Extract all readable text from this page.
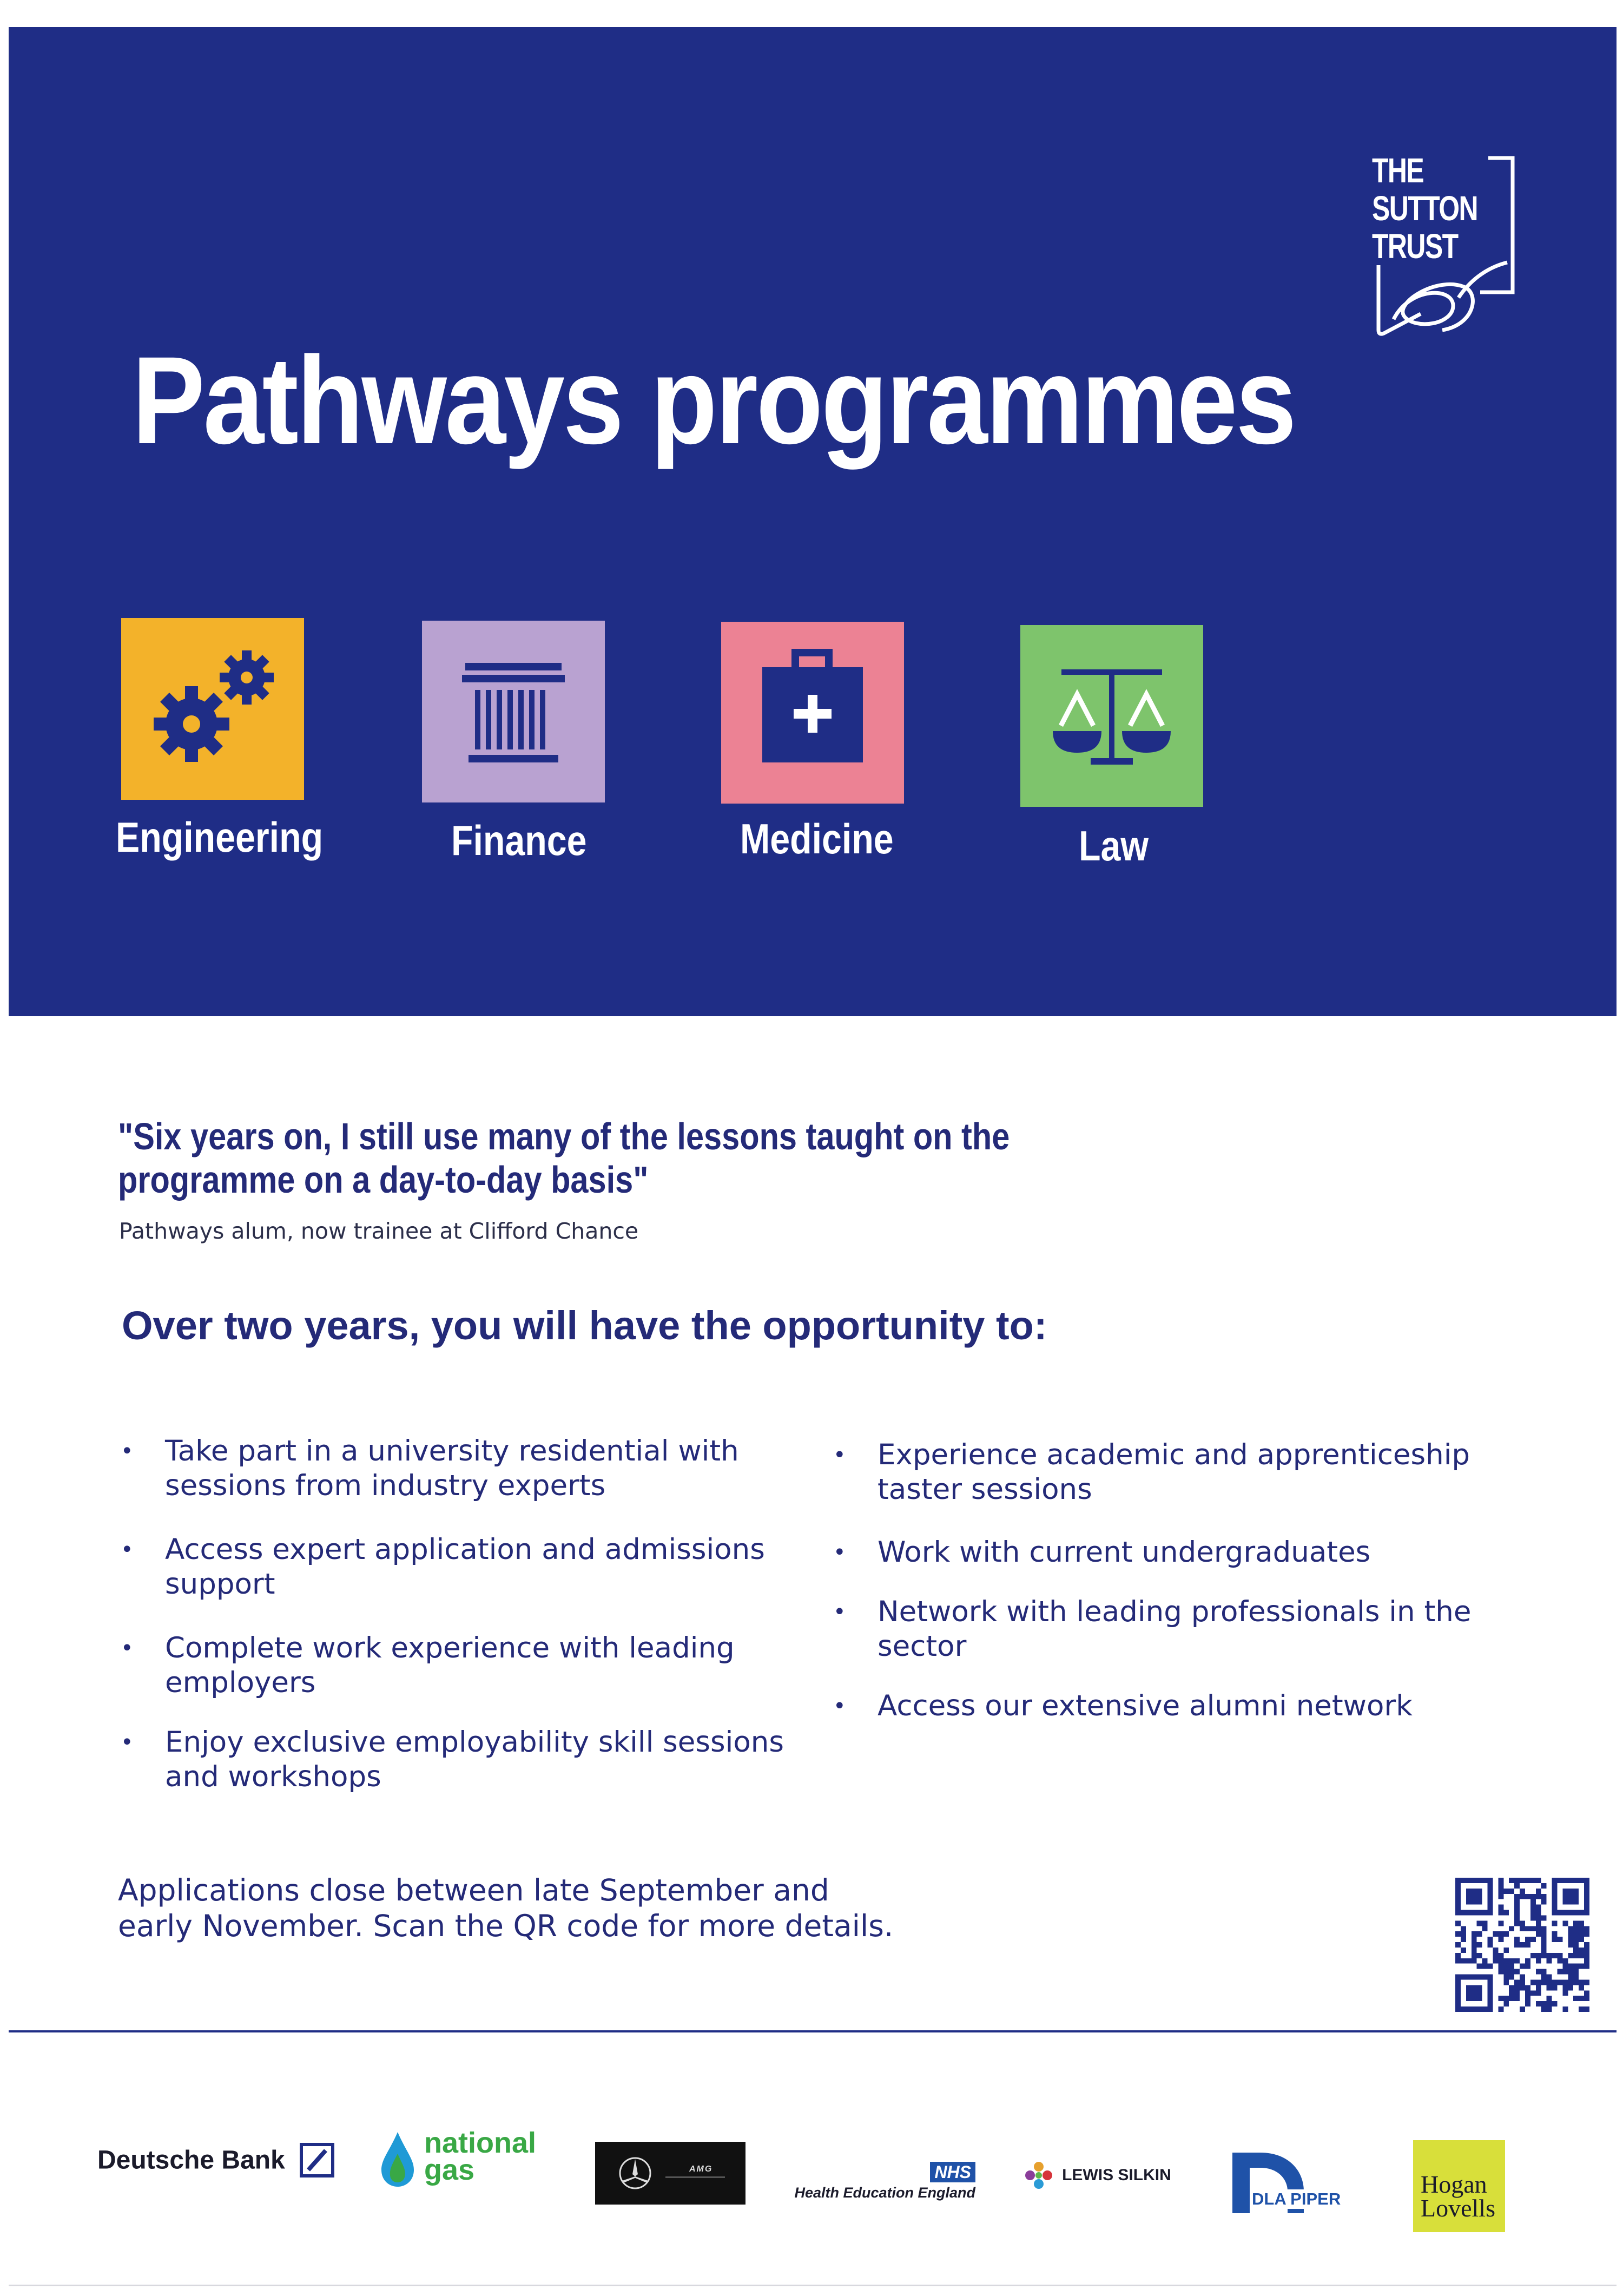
THE
SUTTON
TRUST
Pathways programmes
Engineering	Finance	Medicine	Law
"Six years on, I still use many of the lessons taught on the programme on a day-to-day basis"
Pathways alum, now trainee at Clifford Chance
Over two years, you will have the opportunity to:
• Take part in a university residential with sessions from industry experts
• Access expert application and admissions support
• Complete work experience with leading employers
• Enjoy exclusive employability skill sessions and workshops
• Experience academic and apprenticeship taster sessions
• Work with current undergraduates
• Network with leading professionals in the sector
• Access our extensive alumni network
Applications close between late September and early November. Scan the QR code for more details.
Deutsche Bank
national
gas	AMG	NHS
Health Education England
LEWIS SILKIN
DLA PIPER
Hogan
Lovells
